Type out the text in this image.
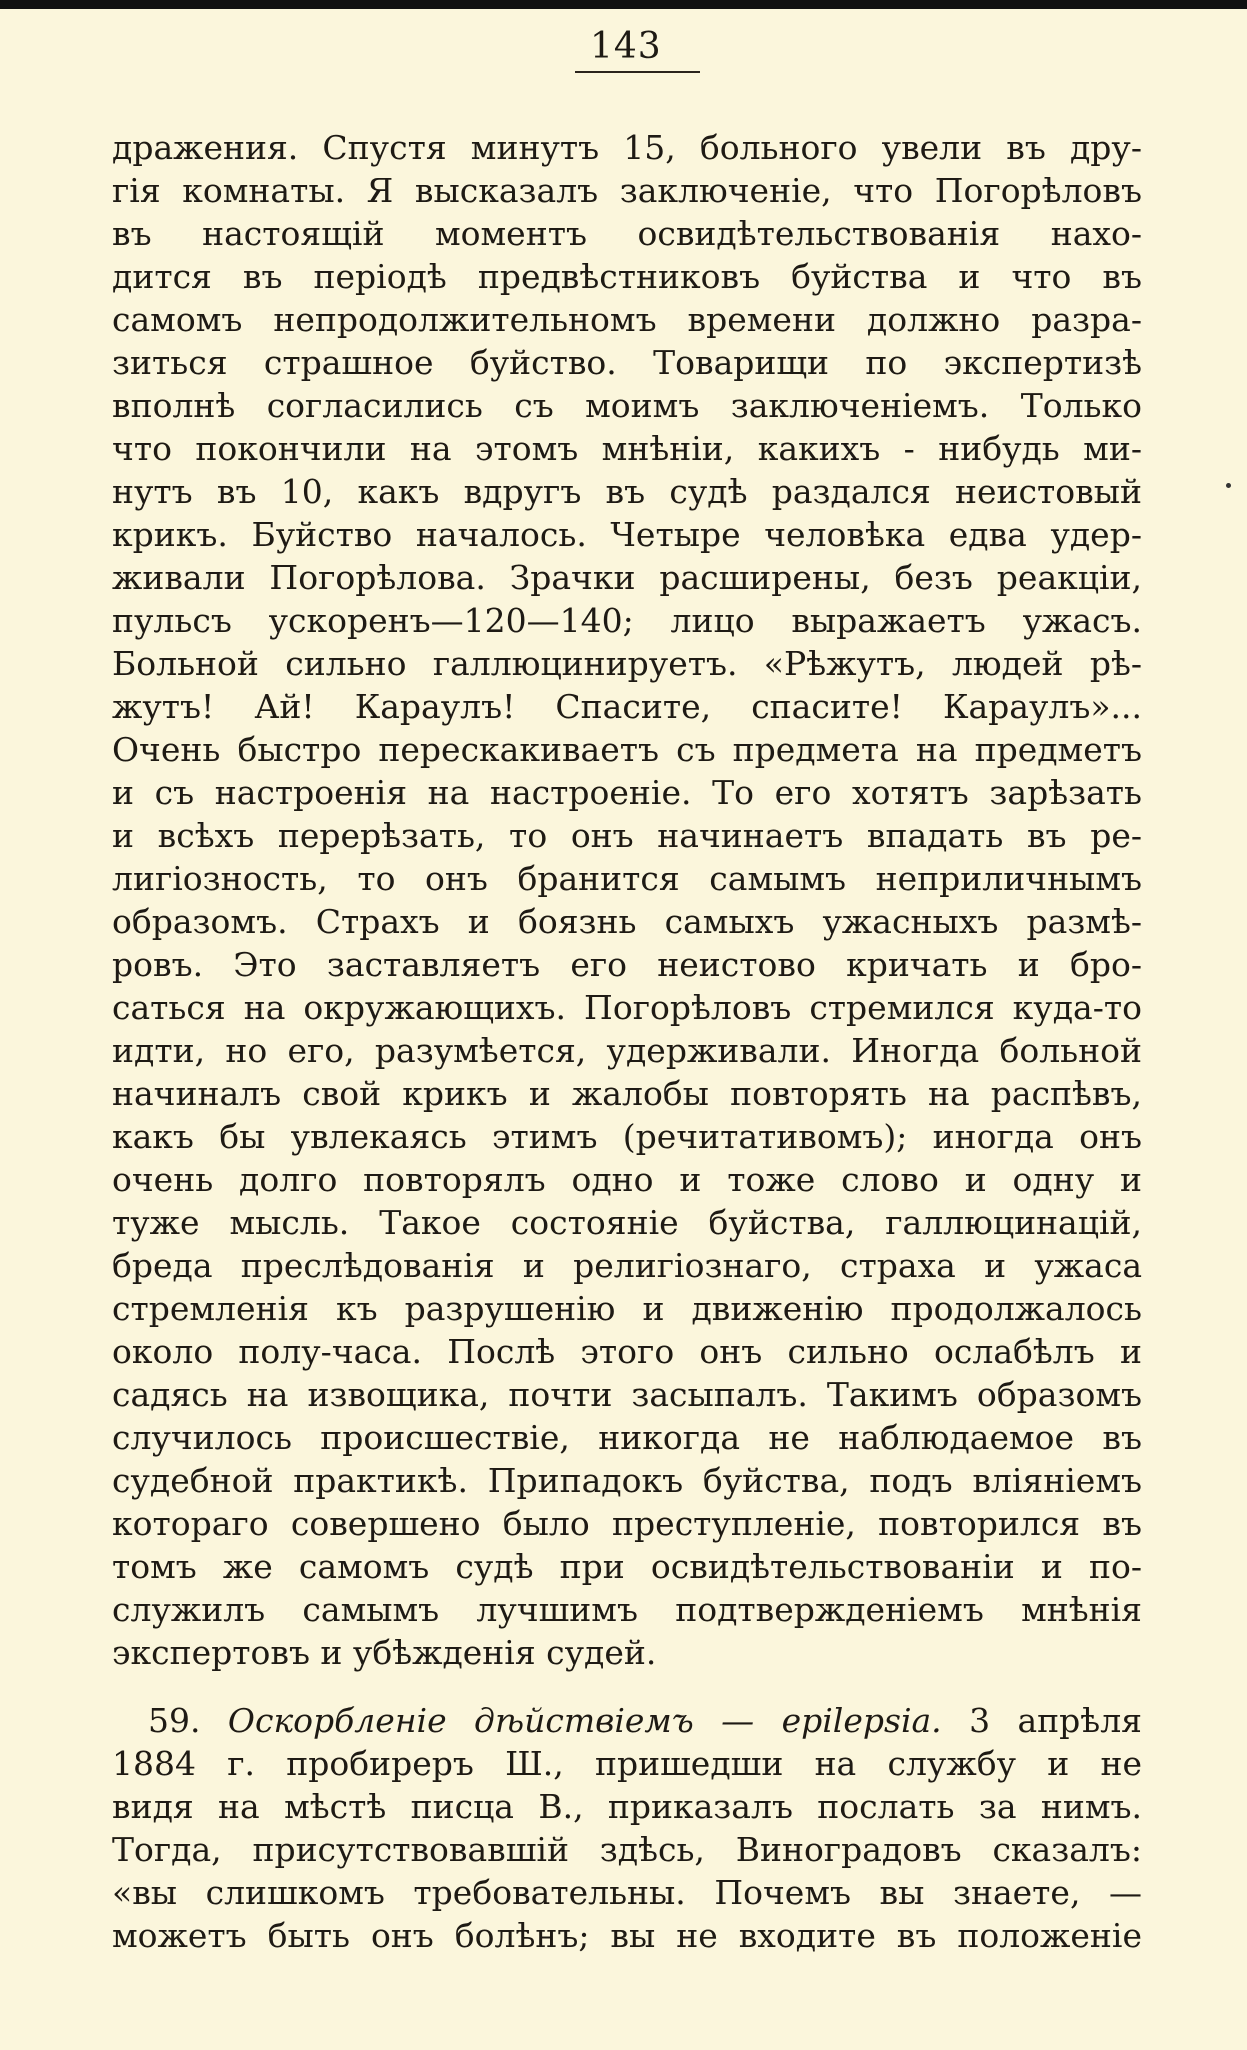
143
дражения. Спустя минутъ 15, больного увели въ дру-
гія комнаты. Я высказалъ заключеніе, что Погорѣловъ
въ настоящій моментъ освидѣтельствованія нахо-
дится въ періодѣ предвѣстниковъ буйства и что въ
самомъ непродолжительномъ времени должно разра-
зиться страшное буйство. Товарищи по экспертизѣ
вполнѣ согласились съ моимъ заключеніемъ. Только
что покончили на этомъ мнѣніи, какихъ - нибудь ми-
нутъ въ 10, какъ вдругъ въ судѣ раздался неистовый
крикъ. Буйство началось. Четыре человѣка едва удер-
живали Погорѣлова. Зрачки расширены, безъ реакціи,
пульсъ ускоренъ—120—140; лицо выражаетъ ужасъ.
Больной сильно галлюцинируетъ. «Рѣжутъ, людей рѣ-
жутъ! Ай! Караулъ! Спасите, спасите! Караулъ»...
Очень быстро перескакиваетъ съ предмета на предметъ
и съ настроенія на настроеніе. То его хотятъ зарѣзать
и всѣхъ перерѣзать, то онъ начинаетъ впадать въ ре-
лигіозность, то онъ бранится самымъ неприличнымъ
образомъ. Страхъ и боязнь самыхъ ужасныхъ размѣ-
ровъ. Это заставляетъ его неистово кричать и бро-
саться на окружающихъ. Погорѣловъ стремился куда-то
идти, но его, разумѣется, удерживали. Иногда больной
начиналъ свой крикъ и жалобы повторять на распѣвъ,
какъ бы увлекаясь этимъ (речитативомъ); иногда онъ
очень долго повторялъ одно и тоже слово и одну и
туже мысль. Такое состояніе буйства, галлюцинацій,
бреда преслѣдованія и религіознаго, страха и ужаса
стремленія къ разрушенію и движенію продолжалось
около полу-часа. Послѣ этого онъ сильно ослабѣлъ и
садясь на извощика, почти засыпалъ. Такимъ образомъ
случилось происшествіе, никогда не наблюдаемое въ
судебной практикѣ. Припадокъ буйства, подъ вліяніемъ
котораго совершено было преступленіе, повторился въ
томъ же самомъ судѣ при освидѣтельствованіи и по-
служилъ самымъ лучшимъ подтвержденіемъ мнѣнія
экспертовъ и убѣжденія судей.
59. Оскорбленіе дѣйствіемъ — epilepsia. 3 апрѣля
1884 г. пробиреръ Ш., пришедши на службу и не
видя на мѣстѣ писца В., приказалъ послать за нимъ.
Тогда, присутствовавшій здѣсь, Виноградовъ сказалъ:
«вы слишкомъ требовательны. Почемъ вы знаете, —
можетъ быть онъ болѣнъ; вы не входите въ положеніе
